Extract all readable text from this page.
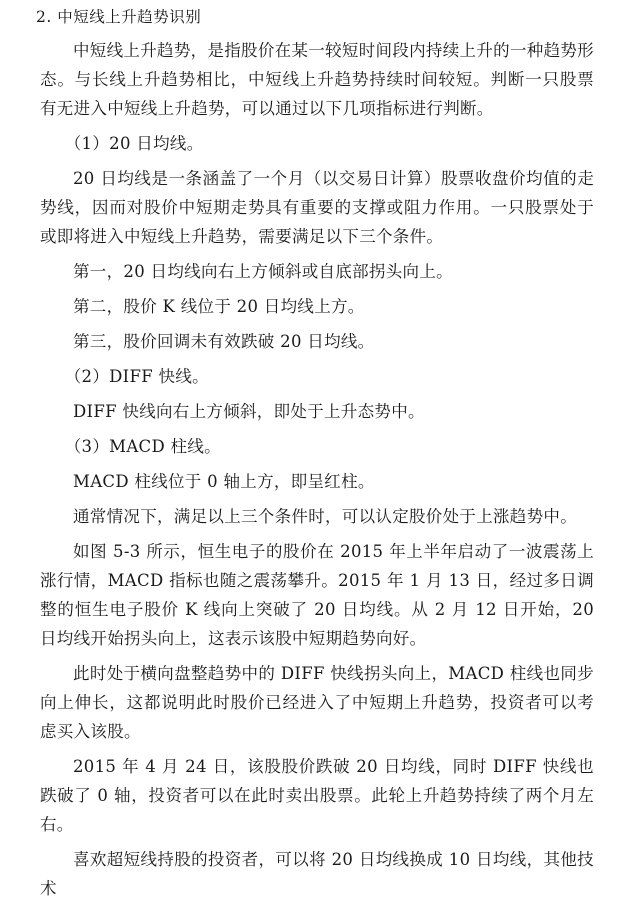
2. 中短线上升趋势识别

中短线上升趋势，是指股价在某一较短时间段内持续上升的一种趋势形态。与长线上升趋势相比，中短线上升趋势持续时间较短。判断一只股票有无进入中短线上升趋势，可以通过以下几项指标进行判断。

（1）20 日均线。

20 日均线是一条涵盖了一个月（以交易日计算）股票收盘价均值的走势线，因而对股价中短期走势具有重要的支撑或阻力作用。一只股票处于或即将进入中短线上升趋势，需要满足以下三个条件。

第一，20 日均线向右上方倾斜或自底部拐头向上。

第二，股价 K 线位于 20 日均线上方。

第三，股价回调未有效跌破 20 日均线。

（2）DIFF 快线。

DIFF 快线向右上方倾斜，即处于上升态势中。

（3）MACD 柱线。

MACD 柱线位于 0 轴上方，即呈红柱。

通常情况下，满足以上三个条件时，可以认定股价处于上涨趋势中。

如图 5-3 所示，恒生电子的股价在 2015 年上半年启动了一波震荡上涨行情，MACD 指标也随之震荡攀升。2015 年 1 月 13 日，经过多日调整的恒生电子股价 K 线向上突破了 20 日均线。从 2 月 12 日开始，20 日均线开始拐头向上，这表示该股中短期趋势向好。

此时处于横向盘整趋势中的 DIFF 快线拐头向上，MACD 柱线也同步向上伸长，这都说明此时股价已经进入了中短期上升趋势，投资者可以考虑买入该股。

2015 年 4 月 24 日，该股股价跌破 20 日均线，同时 DIFF 快线也跌破了 0 轴，投资者可以在此时卖出股票。此轮上升趋势持续了两个月左右。

喜欢超短线持股的投资者，可以将 20 日均线换成 10 日均线，其他技术
